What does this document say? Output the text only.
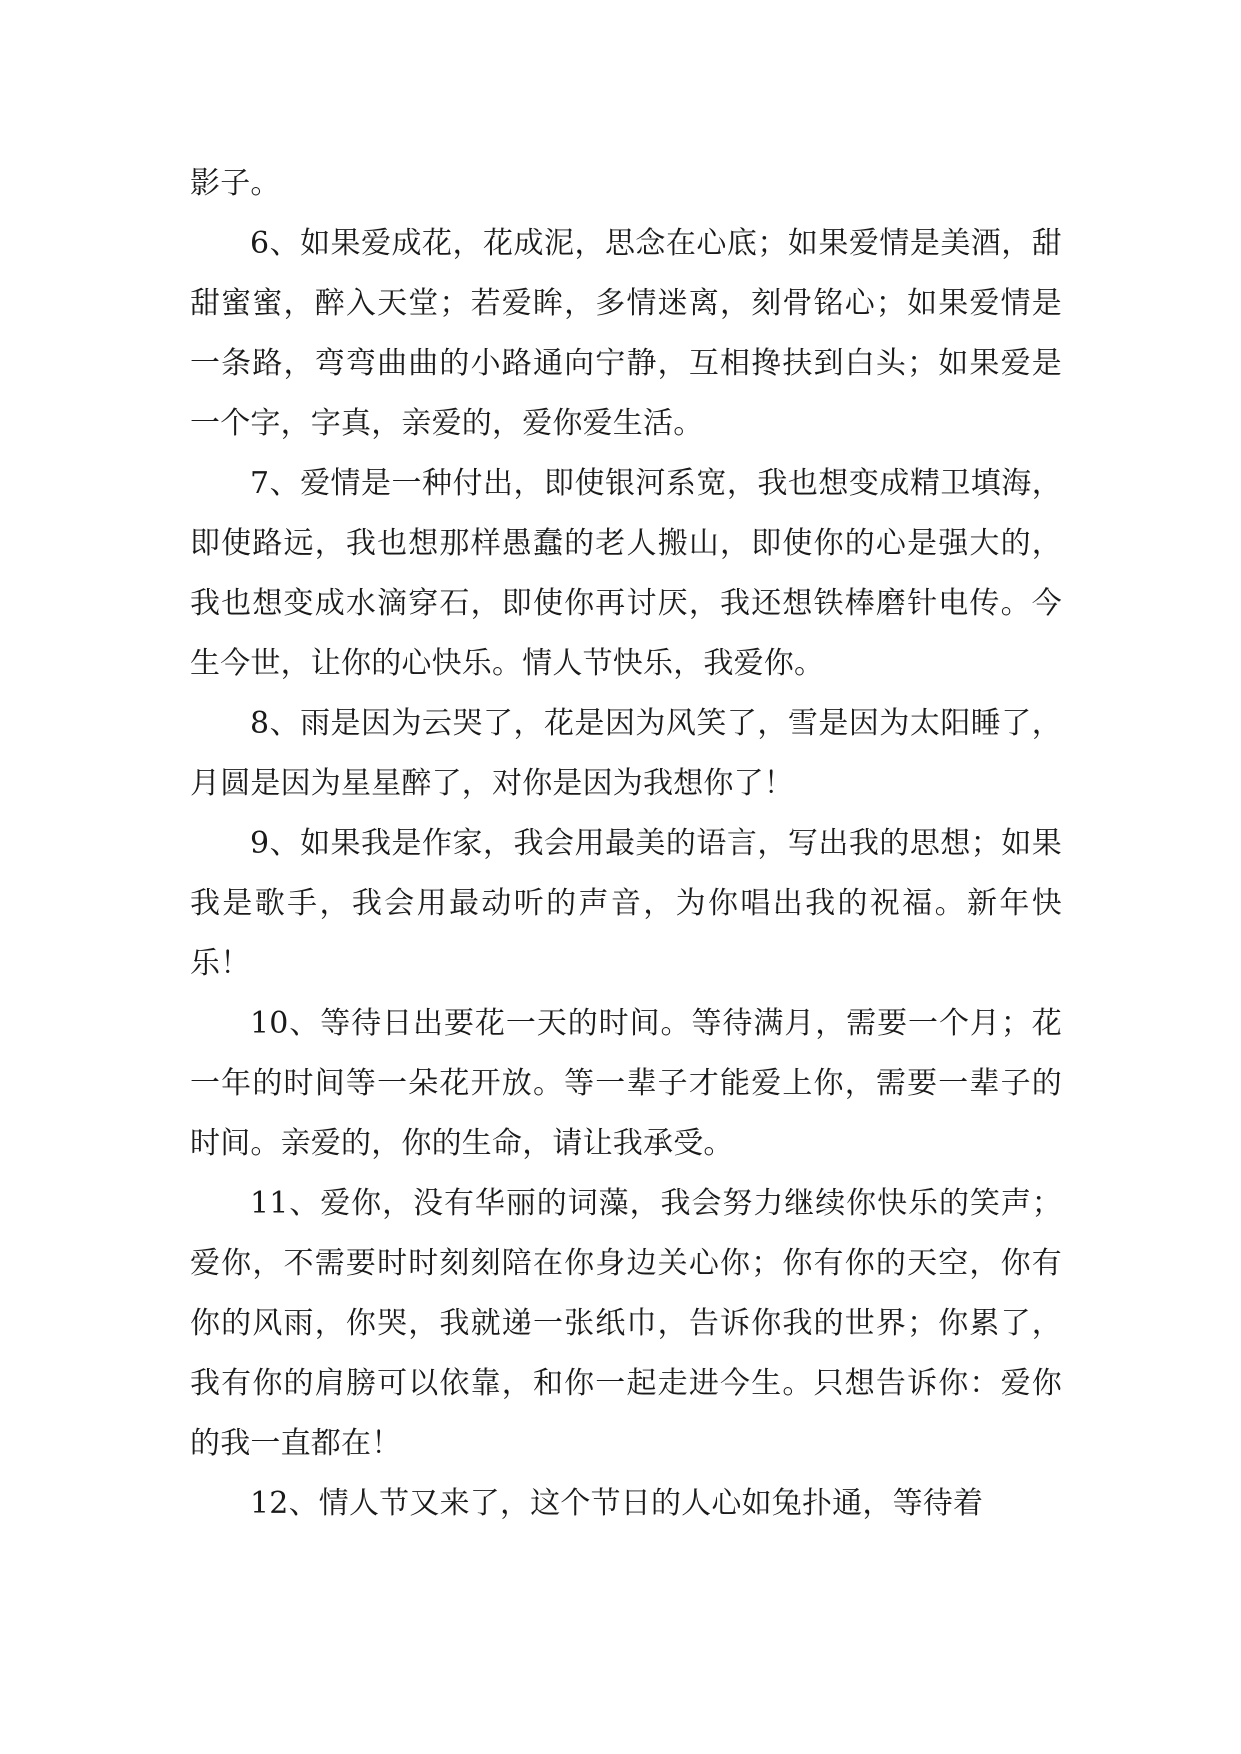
影子。

6、如果爱成花，花成泥，思念在心底；如果爱情是美酒，甜甜蜜蜜，醉入天堂；若爱眸，多情迷离，刻骨铭心；如果爱情是一条路，弯弯曲曲的小路通向宁静，互相搀扶到白头；如果爱是一个字，字真，亲爱的，爱你爱生活。

7、爱情是一种付出，即使银河系宽，我也想变成精卫填海，即使路远，我也想那样愚蠢的老人搬山，即使你的心是强大的，我也想变成水滴穿石，即使你再讨厌，我还想铁棒磨针电传。今生今世，让你的心快乐。情人节快乐，我爱你。

8、雨是因为云哭了，花是因为风笑了，雪是因为太阳睡了，月圆是因为星星醉了，对你是因为我想你了！

9、如果我是作家，我会用最美的语言，写出我的思想；如果我是歌手，我会用最动听的声音，为你唱出我的祝福。新年快乐！

10、等待日出要花一天的时间。等待满月，需要一个月；花一年的时间等一朵花开放。等一辈子才能爱上你，需要一辈子的时间。亲爱的，你的生命，请让我承受。

11、爱你，没有华丽的词藻，我会努力继续你快乐的笑声；爱你，不需要时时刻刻陪在你身边关心你；你有你的天空，你有你的风雨，你哭，我就递一张纸巾，告诉你我的世界；你累了，我有你的肩膀可以依靠，和你一起走进今生。只想告诉你：爱你的我一直都在！

12、情人节又来了，这个节日的人心如兔扑通，等待着
